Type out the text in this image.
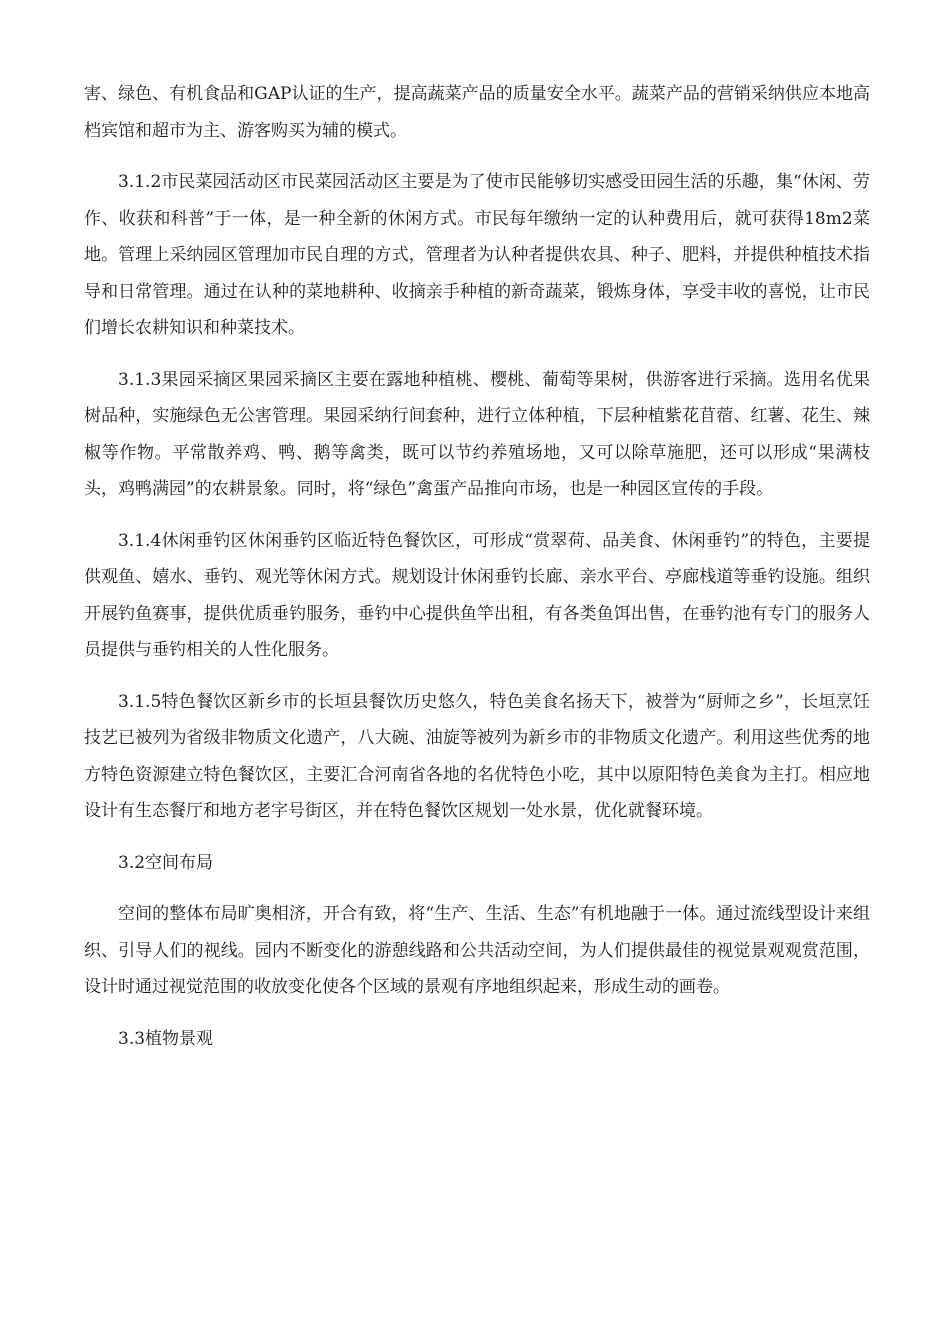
害、绿色、有机食品和GAP认证的生产，提高蔬菜产品的质量安全水平。蔬菜产品的营销采纳供应本地高档宾馆和超市为主、游客购买为辅的模式。

3.1.2市民菜园活动区市民菜园活动区主要是为了使市民能够切实感受田园生活的乐趣，集“休闲、劳作、收获和科普”于一体，是一种全新的休闲方式。市民每年缴纳一定的认种费用后，就可获得18m2菜地。管理上采纳园区管理加市民自理的方式，管理者为认种者提供农具、种子、肥料，并提供种植技术指导和日常管理。通过在认种的菜地耕种、收摘亲手种植的新奇蔬菜，锻炼身体，享受丰收的喜悦，让市民们增长农耕知识和种菜技术。

3.1.3果园采摘区果园采摘区主要在露地种植桃、樱桃、葡萄等果树，供游客进行采摘。选用名优果树品种，实施绿色无公害管理。果园采纳行间套种，进行立体种植，下层种植紫花苜蓿、红薯、花生、辣椒等作物。平常散养鸡、鸭、鹅等禽类，既可以节约养殖场地，又可以除草施肥，还可以形成“果满枝头，鸡鸭满园”的农耕景象。同时，将“绿色”禽蛋产品推向市场，也是一种园区宣传的手段。

3.1.4休闲垂钓区休闲垂钓区临近特色餐饮区，可形成“赏翠荷、品美食、休闲垂钓”的特色，主要提供观鱼、嬉水、垂钓、观光等休闲方式。规划设计休闲垂钓长廊、亲水平台、亭廊栈道等垂钓设施。组织开展钓鱼赛事，提供优质垂钓服务，垂钓中心提供鱼竿出租，有各类鱼饵出售，在垂钓池有专门的服务人员提供与垂钓相关的人性化服务。

3.1.5特色餐饮区新乡市的长垣县餐饮历史悠久，特色美食名扬天下，被誉为“厨师之乡”，长垣烹饪技艺已被列为省级非物质文化遗产，八大碗、油旋等被列为新乡市的非物质文化遗产。利用这些优秀的地方特色资源建立特色餐饮区，主要汇合河南省各地的名优特色小吃，其中以原阳特色美食为主打。相应地设计有生态餐厅和地方老字号街区，并在特色餐饮区规划一处水景，优化就餐环境。

3.2空间布局

空间的整体布局旷奥相济，开合有致，将“生产、生活、生态”有机地融于一体。通过流线型设计来组织、引导人们的视线。园内不断变化的游憩线路和公共活动空间，为人们提供最佳的视觉景观观赏范围，设计时通过视觉范围的收放变化使各个区域的景观有序地组织起来，形成生动的画卷。

3.3植物景观
